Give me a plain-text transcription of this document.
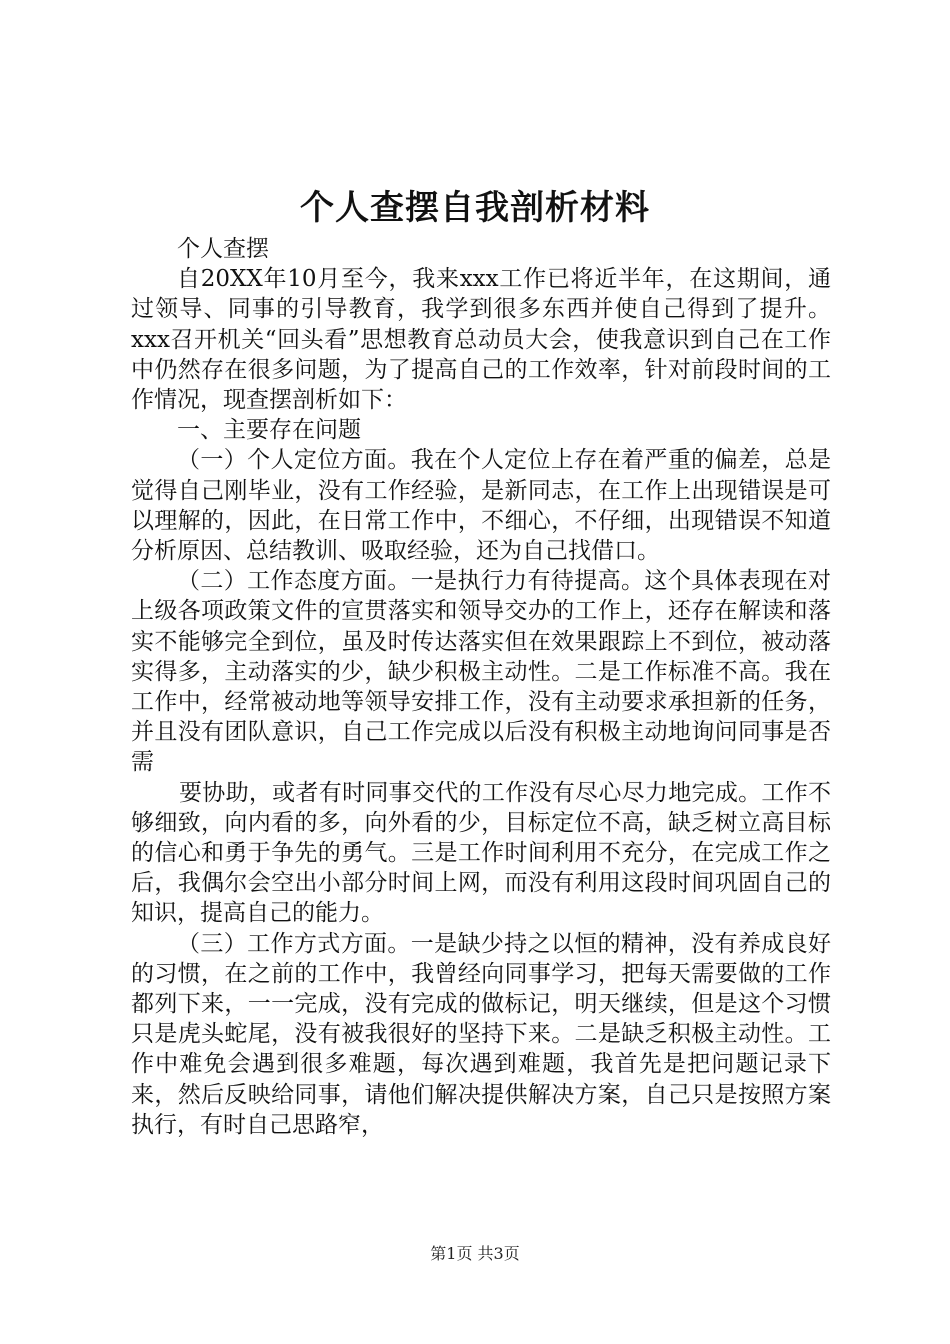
个人查摆自我剖析材料

个人查摆

自20XX年10月至今，我来xxx工作已将近半年，在这期间，通过领导、同事的引导教育，我学到很多东西并使自己得到了提升。xxx召开机关“回头看”思想教育总动员大会，使我意识到自己在工作中仍然存在很多问题，为了提高自己的工作效率，针对前段时间的工作情况，现查摆剖析如下：

一、主要存在问题

（一）个人定位方面。我在个人定位上存在着严重的偏差，总是觉得自己刚毕业，没有工作经验，是新同志，在工作上出现错误是可以理解的，因此，在日常工作中，不细心，不仔细，出现错误不知道分析原因、总结教训、吸取经验，还为自己找借口。

（二）工作态度方面。一是执行力有待提高。这个具体表现在对上级各项政策文件的宣贯落实和领导交办的工作上，还存在解读和落实不能够完全到位，虽及时传达落实但在效果跟踪上不到位，被动落实得多，主动落实的少，缺少积极主动性。二是工作标准不高。我在工作中，经常被动地等领导安排工作，没有主动要求承担新的任务，并且没有团队意识，自己工作完成以后没有积极主动地询问同事是否需

要协助，或者有时同事交代的工作没有尽心尽力地完成。工作不够细致，向内看的多，向外看的少，目标定位不高，缺乏树立高目标的信心和勇于争先的勇气。三是工作时间利用不充分，在完成工作之后，我偶尔会空出小部分时间上网，而没有利用这段时间巩固自己的知识，提高自己的能力。

（三）工作方式方面。一是缺少持之以恒的精神，没有养成良好的习惯，在之前的工作中，我曾经向同事学习，把每天需要做的工作都列下来，一一完成，没有完成的做标记，明天继续，但是这个习惯只是虎头蛇尾，没有被我很好的坚持下来。二是缺乏积极主动性。工作中难免会遇到很多难题，每次遇到难题，我首先是把问题记录下来，然后反映给同事，请他们解决提供解决方案，自己只是按照方案执行，有时自己思路窄，

第1页 共3页
